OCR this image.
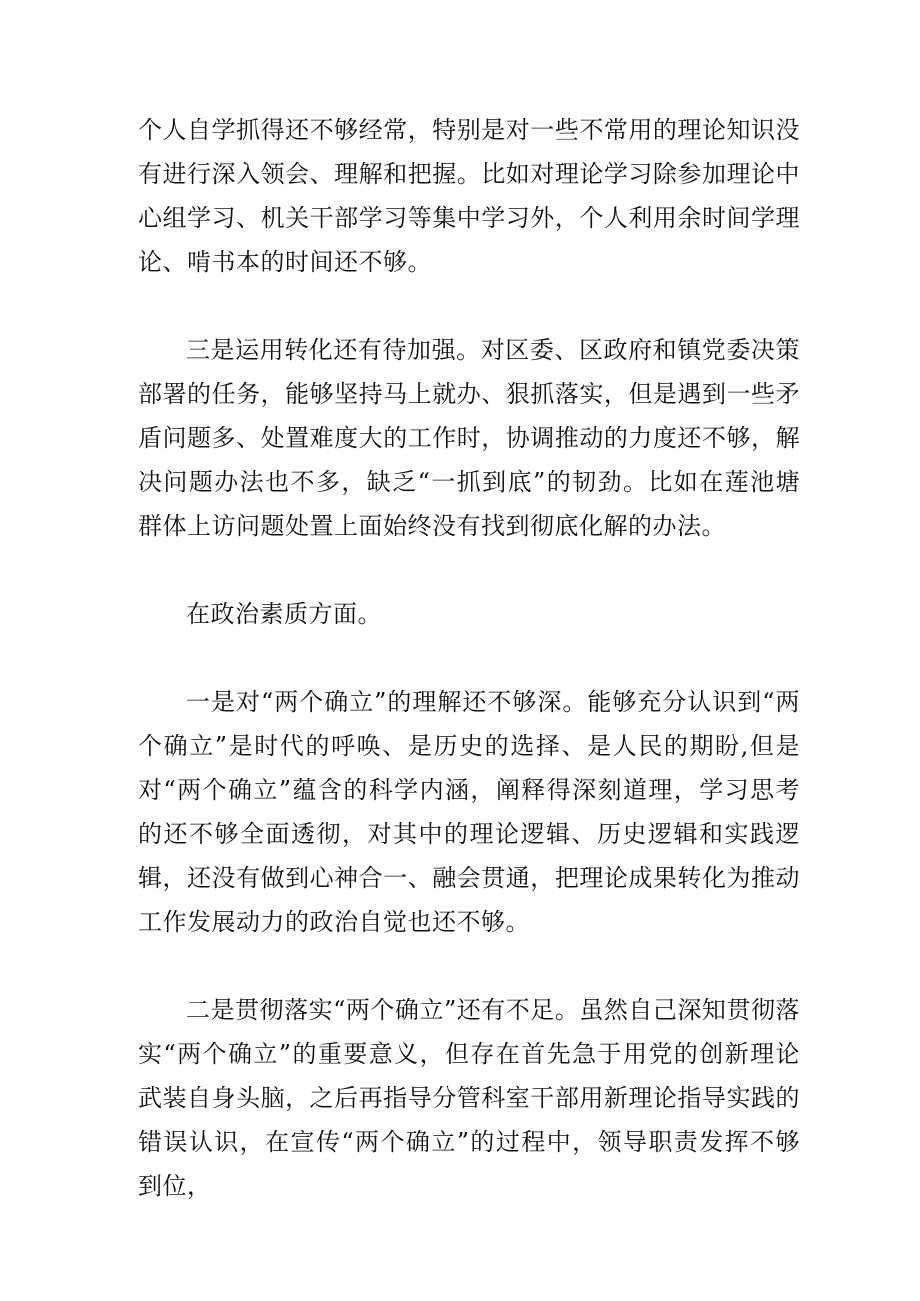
个人自学抓得还不够经常，特别是对一些不常用的理论知识没有进行深入领会、理解和把握。比如对理论学习除参加理论中心组学习、机关干部学习等集中学习外，个人利用余时间学理论、啃书本的时间还不够。

三是运用转化还有待加强。对区委、区政府和镇党委决策部署的任务，能够坚持马上就办、狠抓落实，但是遇到一些矛盾问题多、处置难度大的工作时，协调推动的力度还不够，解决问题办法也不多，缺乏“一抓到底”的韧劲。比如在莲池塘群体上访问题处置上面始终没有找到彻底化解的办法。

在政治素质方面。

一是对“两个确立”的理解还不够深。能够充分认识到“两个确立”是时代的呼唤、是历史的选择、是人民的期盼,但是对“两个确立”蕴含的科学内涵，阐释得深刻道理，学习思考的还不够全面透彻，对其中的理论逻辑、历史逻辑和实践逻辑，还没有做到心神合一、融会贯通，把理论成果转化为推动工作发展动力的政治自觉也还不够。

二是贯彻落实“两个确立”还有不足。虽然自己深知贯彻落实“两个确立”的重要意义，但存在首先急于用党的创新理论武装自身头脑，之后再指导分管科室干部用新理论指导实践的错误认识，在宣传“两个确立”的过程中，领导职责发挥不够到位，
